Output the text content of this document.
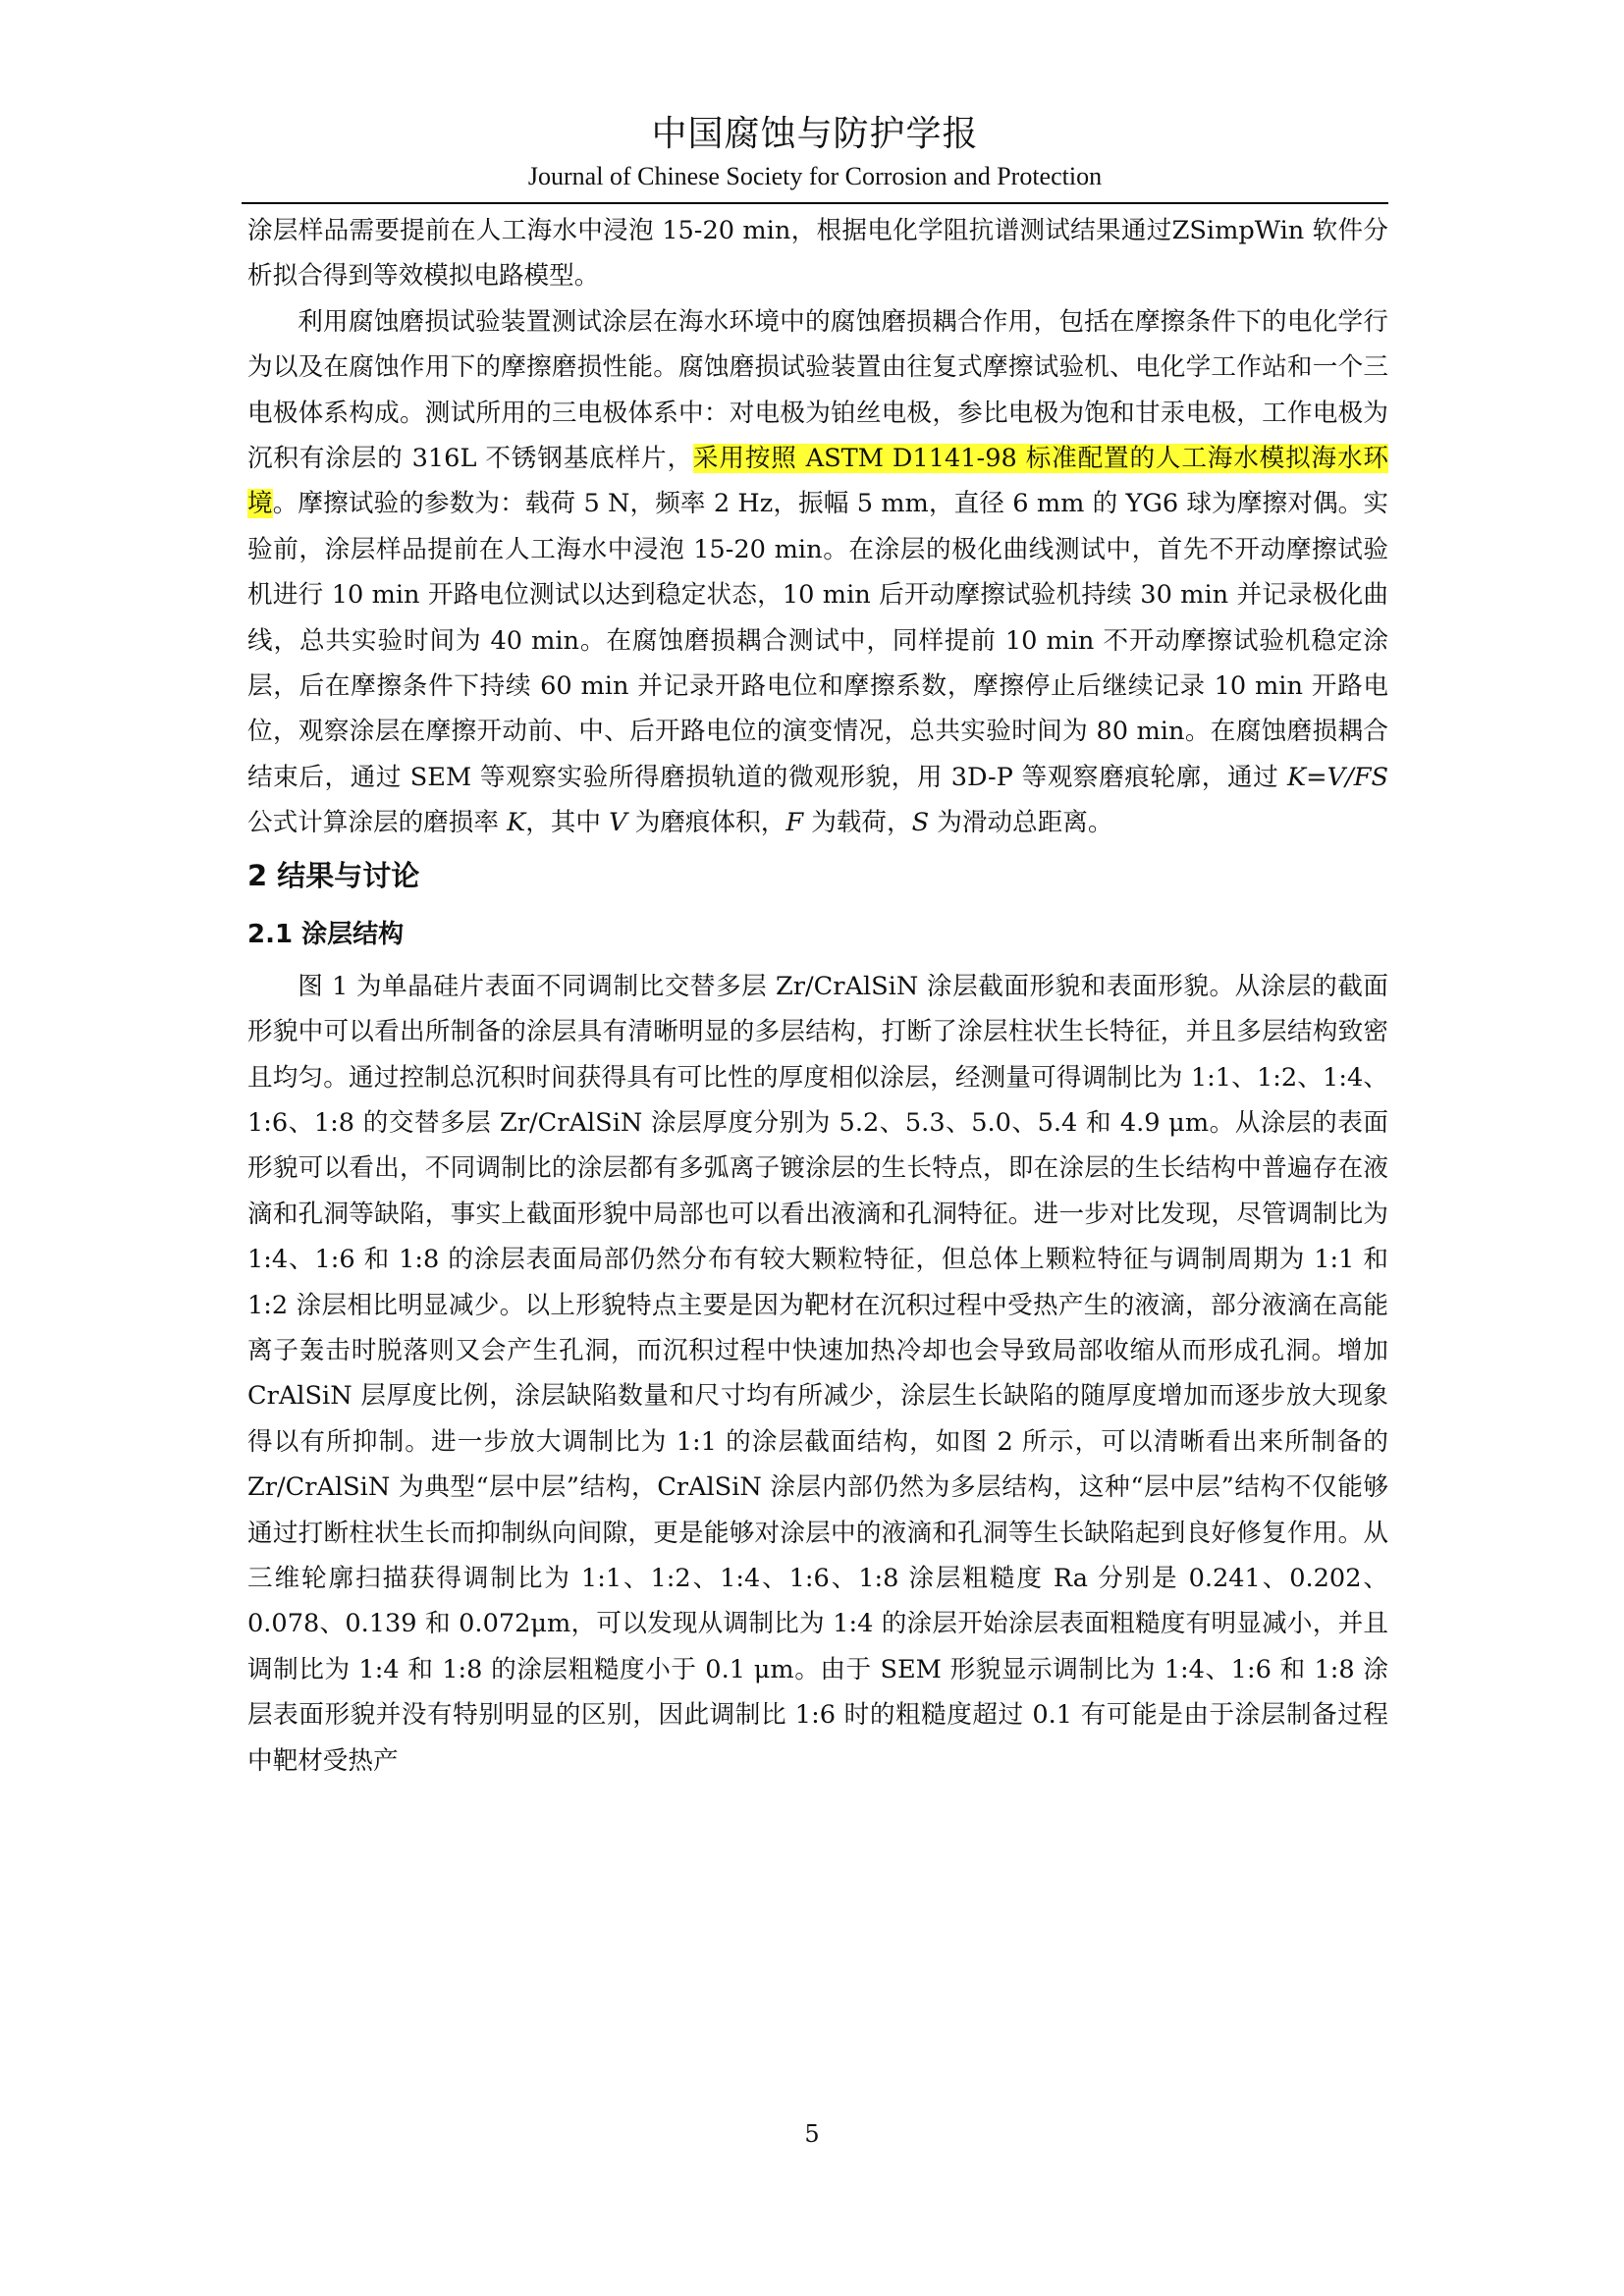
中国腐蚀与防护学报
Journal of Chinese Society for Corrosion and Protection

涂层样品需要提前在人工海水中浸泡 15-20 min，根据电化学阻抗谱测试结果通过ZSimpWin 软件分析拟合得到等效模拟电路模型。

利用腐蚀磨损试验装置测试涂层在海水环境中的腐蚀磨损耦合作用，包括在摩擦条件下的电化学行为以及在腐蚀作用下的摩擦磨损性能。腐蚀磨损试验装置由往复式摩擦试验机、电化学工作站和一个三电极体系构成。测试所用的三电极体系中：对电极为铂丝电极，参比电极为饱和甘汞电极，工作电极为沉积有涂层的 316L 不锈钢基底样片，采用按照 ASTM D1141-98 标准配置的人工海水模拟海水环境。摩擦试验的参数为：载荷 5 N，频率 2 Hz，振幅 5 mm，直径 6 mm 的 YG6 球为摩擦对偶。实验前，涂层样品提前在人工海水中浸泡 15-20 min。在涂层的极化曲线测试中，首先不开动摩擦试验机进行 10 min 开路电位测试以达到稳定状态，10 min 后开动摩擦试验机持续 30 min 并记录极化曲线，总共实验时间为 40 min。在腐蚀磨损耦合测试中，同样提前 10 min 不开动摩擦试验机稳定涂层，后在摩擦条件下持续 60 min 并记录开路电位和摩擦系数，摩擦停止后继续记录 10 min 开路电位，观察涂层在摩擦开动前、中、后开路电位的演变情况，总共实验时间为 80 min。在腐蚀磨损耦合结束后，通过 SEM 等观察实验所得磨损轨道的微观形貌，用 3D-P 等观察磨痕轮廓，通过 K=V/FS 公式计算涂层的磨损率 K，其中 V 为磨痕体积，F 为载荷，S 为滑动总距离。

2 结果与讨论
2.1 涂层结构

图 1 为单晶硅片表面不同调制比交替多层 Zr/CrAlSiN 涂层截面形貌和表面形貌。从涂层的截面形貌中可以看出所制备的涂层具有清晰明显的多层结构，打断了涂层柱状生长特征，并且多层结构致密且均匀。通过控制总沉积时间获得具有可比性的厚度相似涂层，经测量可得调制比为 1:1、1:2、1:4、1:6、1:8 的交替多层 Zr/CrAlSiN 涂层厚度分别为 5.2、5.3、5.0、5.4 和 4.9 μm。从涂层的表面形貌可以看出，不同调制比的涂层都有多弧离子镀涂层的生长特点，即在涂层的生长结构中普遍存在液滴和孔洞等缺陷，事实上截面形貌中局部也可以看出液滴和孔洞特征。进一步对比发现，尽管调制比为 1:4、1:6 和 1:8 的涂层表面局部仍然分布有较大颗粒特征，但总体上颗粒特征与调制周期为 1:1 和 1:2 涂层相比明显减少。以上形貌特点主要是因为靶材在沉积过程中受热产生的液滴，部分液滴在高能离子轰击时脱落则又会产生孔洞，而沉积过程中快速加热冷却也会导致局部收缩从而形成孔洞。增加 CrAlSiN 层厚度比例，涂层缺陷数量和尺寸均有所减少，涂层生长缺陷的随厚度增加而逐步放大现象得以有所抑制。进一步放大调制比为 1:1 的涂层截面结构，如图 2 所示，可以清晰看出来所制备的 Zr/CrAlSiN 为典型“层中层”结构，CrAlSiN 涂层内部仍然为多层结构，这种“层中层”结构不仅能够通过打断柱状生长而抑制纵向间隙，更是能够对涂层中的液滴和孔洞等生长缺陷起到良好修复作用。从三维轮廓扫描获得调制比为 1:1、1:2、1:4、1:6、1:8 涂层粗糙度 Ra 分别是 0.241、0.202、0.078、0.139 和 0.072μm，可以发现从调制比为 1:4 的涂层开始涂层表面粗糙度有明显减小，并且调制比为 1:4 和 1:8 的涂层粗糙度小于 0.1 μm。由于 SEM 形貌显示调制比为 1:4、1:6 和 1:8 涂层表面形貌并没有特别明显的区别，因此调制比 1:6 时的粗糙度超过 0.1 有可能是由于涂层制备过程中靶材受热产

5
